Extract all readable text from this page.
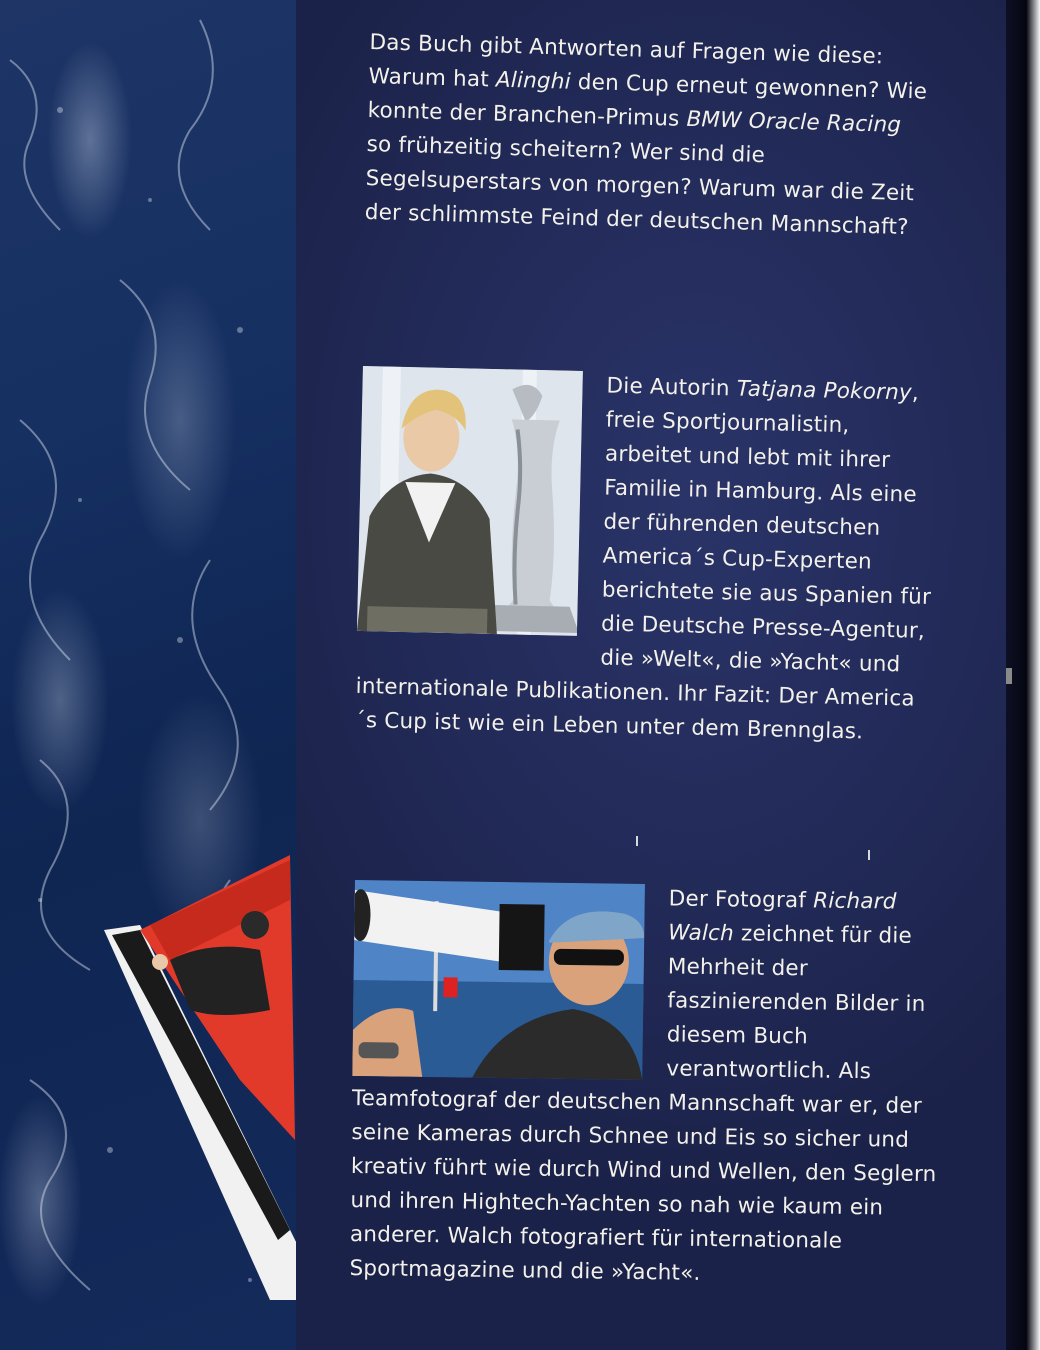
Das Buch gibt Antworten auf Fragen wie diese: Warum hat Alinghi den Cup erneut gewonnen? Wie konnte der Branchen-Primus BMW Oracle Racing so frühzeitig scheitern? Wer sind die Segelsuperstars von morgen? Warum war die Zeit der schlimmste Feind der deutschen Mannschaft?

Die Autorin Tatjana Pokorny, freie Sportjournalistin, arbeitet und lebt mit ihrer Familie in Hamburg. Als eine der führenden deutschen America´s Cup-Experten berichtete sie aus Spanien für die Deutsche Presse-Agentur, die »Welt«, die »Yacht« und internationale Publikationen. Ihr Fazit: Der America´s Cup ist wie ein Leben unter dem Brennglas.

Der Fotograf Richard Walch zeichnet für die Mehrheit der faszinierenden Bilder in diesem Buch verantwortlich. Als Teamfotograf der deutschen Mannschaft war er, der seine Kameras durch Schnee und Eis so sicher und kreativ führt wie durch Wind und Wellen, den Seglern und ihren Hightech-Yachten so nah wie kaum ein anderer. Walch fotografiert für internationale Sportmagazine und die »Yacht«.
